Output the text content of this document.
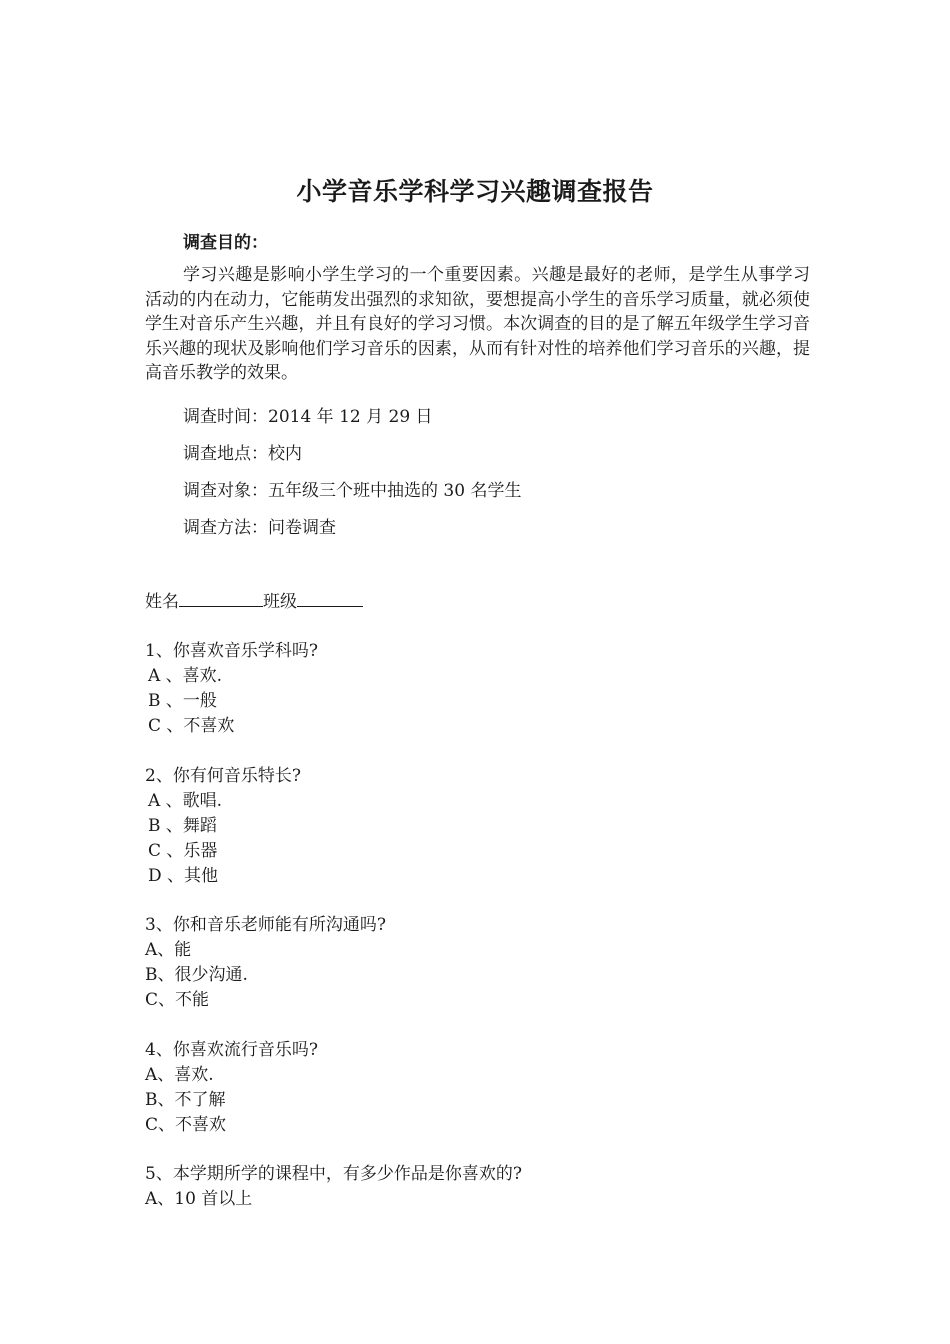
小学音乐学科学习兴趣调查报告
调查目的：
学习兴趣是影响小学生学习的一个重要因素。兴趣是最好的老师，是学生从事学习活动的内在动力，它能萌发出强烈的求知欲，要想提高小学生的音乐学习质量，就必须使学生对音乐产生兴趣，并且有良好的学习习惯。本次调查的目的是了解五年级学生学习音乐兴趣的现状及影响他们学习音乐的因素，从而有针对性的培养他们学习音乐的兴趣，提高音乐教学的效果。
调查时间：2014 年 12 月 29 日
调查地点：校内
调查对象：五年级三个班中抽选的 30 名学生
调查方法：问卷调查
姓名	班级
1、你喜欢音乐学科吗?
A 、喜欢.
B 、一般
C 、不喜欢
2、你有何音乐特长?
A 、歌唱.
B 、舞蹈
C 、乐器
D 、其他
3、你和音乐老师能有所沟通吗?
A、能
B、很少沟通.
C、不能
4、你喜欢流行音乐吗?
A、喜欢.
B、不了解
C、不喜欢
5、本学期所学的课程中，有多少作品是你喜欢的?
A、10 首以上
